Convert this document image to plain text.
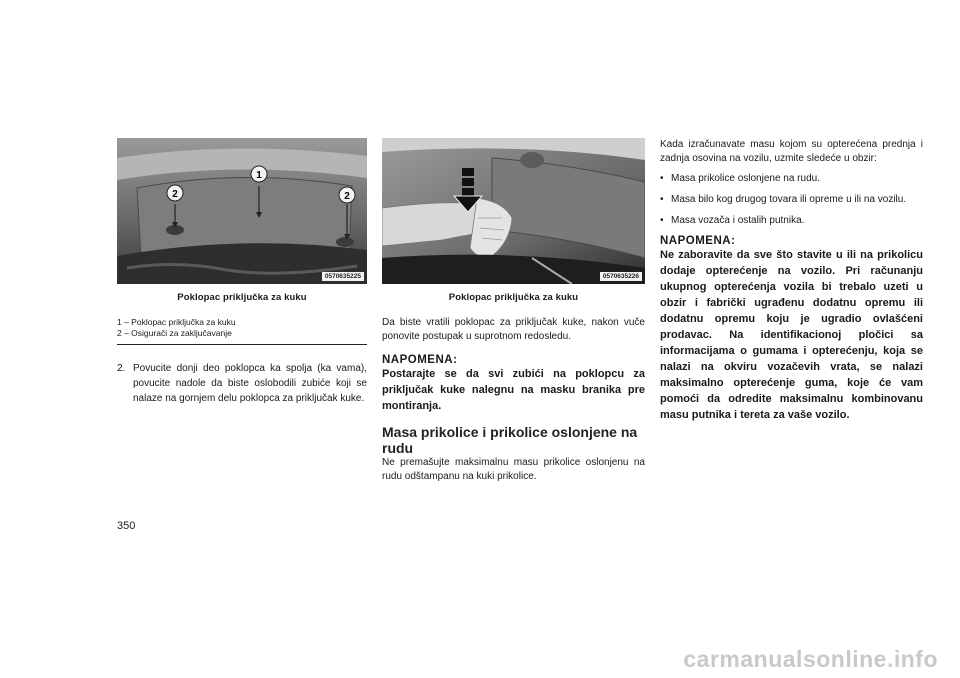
1
2	2
0570635225
Poklopac priključka za kuku
1 – Poklopac priključka za kuku
2 – Osigurači za zaključavanje
2. Povucite donji deo poklopca ka spolja (ka vama), povucite nadole da biste oslobodili zubiće koji se nalaze na gornjem delu poklopca za priključak kuke.
0570635226
Poklopac priključka za kuku

Da biste vratili poklopac za priključak kuke, nakon vuče ponovite postupak u suprotnom redosledu.

NAPOMENA:
Postarajte se da svi zubići na poklopcu za priključak kuke nalegnu na masku branika pre montiranja.
Masa prikolice i prikolice oslonjene na rudu

Ne premašujte maksimalnu masu prikolice oslonjenu na rudu odštampanu na kuki prikolice.

Kada izračunavate masu kojom su opterećena prednja i zadnja osovina na vozilu, uzmite sledeće u obzir:

• Masa prikolice oslonjene na rudu.
• Masa bilo kog drugog tovara ili opreme u ili na vozilu.
• Masa vozača i ostalih putnika.
NAPOMENA:
Ne zaboravite da sve što stavite u ili na prikolicu dodaje opterećenje na vozilo. Pri računanju ukupnog opterećenja vozila bi trebalo uzeti u obzir i fabrički ugrađenu dodatnu opremu ili dodatnu opremu koju je ugradio ovlašćeni prodavac. Na identifikacionoj pločici sa informacijama o gumama i opterećenju, koja se nalazi na okviru vozačevih vrata, se nalazi maksimalno opterećenje guma, koje će vam pomoći da odredite maksimalnu kombinovanu masu putnika i tereta za vaše vozilo.
350
carmanualsonline.info
